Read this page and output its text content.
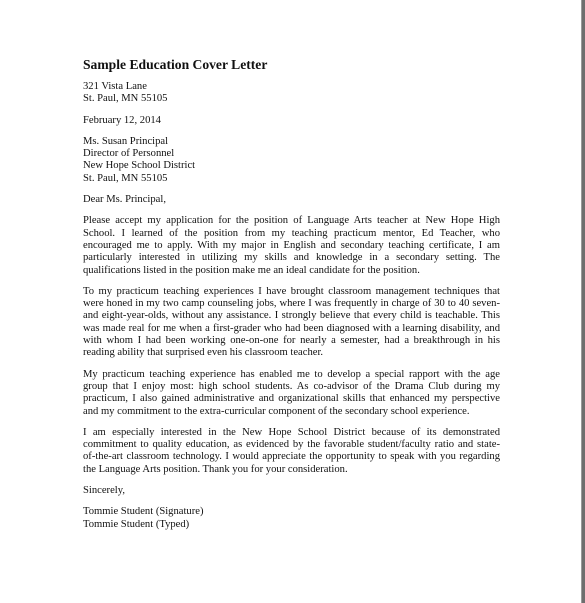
Sample Education Cover Letter
321 Vista Lane
St. Paul, MN 55105
February 12, 2014
Ms. Susan Principal
Director of Personnel
New Hope School District
St. Paul, MN 55105
Dear Ms. Principal,
Please accept my application for the position of Language Arts teacher at New Hope High
School. I learned of the position from my teaching practicum mentor, Ed Teacher, who
encouraged me to apply. With my major in English and secondary teaching certificate, I am
particularly interested in utilizing my skills and knowledge in a secondary setting. The
qualifications listed in the position make me an ideal candidate for the position.
To my practicum teaching experiences I have brought classroom management techniques that
were honed in my two camp counseling jobs, where I was frequently in charge of 30 to 40 seven-
and eight-year-olds, without any assistance. I strongly believe that every child is teachable. This
was made real for me when a first-grader who had been diagnosed with a learning disability, and
with whom I had been working one-on-one for nearly a semester, had a breakthrough in his
reading ability that surprised even his classroom teacher.
My practicum teaching experience has enabled me to develop a special rapport with the age
group that I enjoy most: high school students. As co-advisor of the Drama Club during my
practicum, I also gained administrative and organizational skills that enhanced my perspective
and my commitment to the extra-curricular component of the secondary school experience.
I am especially interested in the New Hope School District because of its demonstrated
commitment to quality education, as evidenced by the favorable student/faculty ratio and state-
of-the-art classroom technology. I would appreciate the opportunity to speak with you regarding
the Language Arts position. Thank you for your consideration.
Sincerely,
Tommie Student (Signature)
Tommie Student (Typed)
